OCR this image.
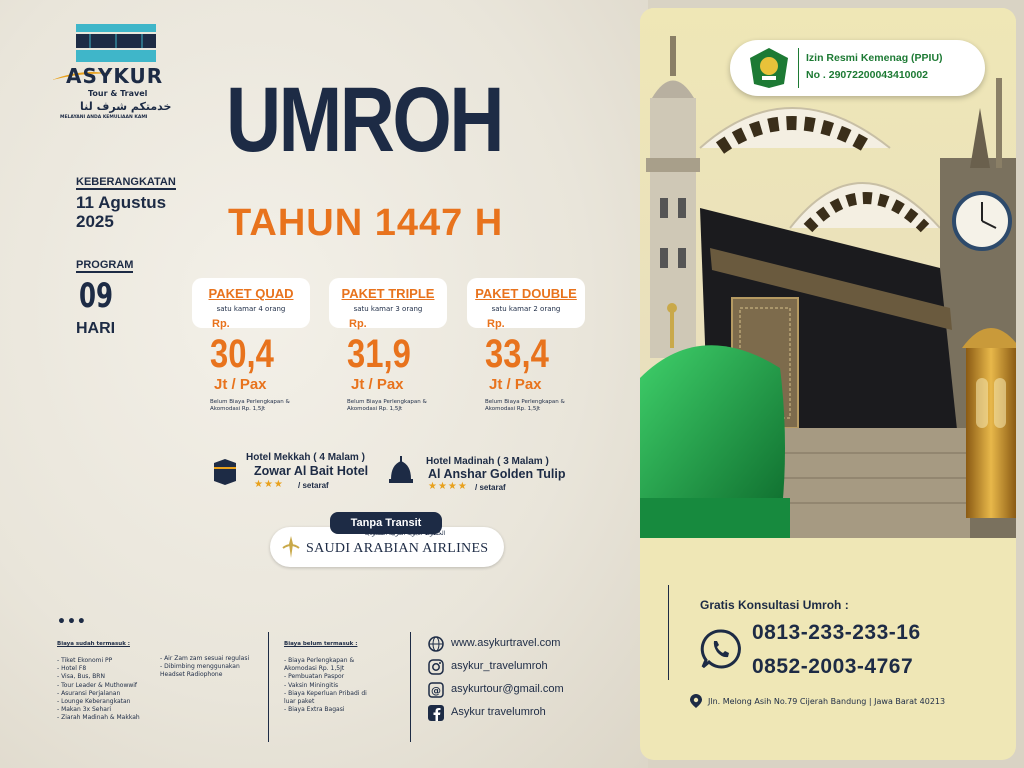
ASYKUR
Tour & Travel
خدمتكم شرف لنا
MELAYANI ANDA KEMULIAAN KAMI
KEBERANGKATAN
11 Agustus 2025
PROGRAM
09
HARI
UMROH
TAHUN 1447 H
PAKET QUAD
satu kamar 4 orang
Rp.
30,4
Jt / Pax
Belum Biaya Perlengkapan & Akomodasi Rp. 1,5Jt
PAKET TRIPLE
satu kamar 3 orang
Rp.
31,9
Jt / Pax
Belum Biaya Perlengkapan & Akomodasi Rp. 1,5Jt
PAKET DOUBLE
satu kamar 2 orang
Rp.
33,4
Jt / Pax
Belum Biaya Perlengkapan & Akomodasi Rp. 1,5Jt
Hotel Mekkah ( 4 Malam )
Zowar Al Bait Hotel
★★★ / setaraf
Hotel Madinah ( 3 Malam )
Al Anshar Golden Tulip
★★★★ / setaraf
Tanpa Transit
الخطوط الجوية العربية السعودية
SAUDI ARABIAN AIRLINES
•••
Biaya sudah termasuk :
- Tiket Ekonomi PP
- Hotel F8
- Visa, Bus, BRN
- Tour Leader & Muthowwif
- Asuransi Perjalanan
- Lounge Keberangkatan
- Makan 3x Sehari
- Ziarah Madinah & Makkah
- Air Zam zam sesuai regulasi
- Dibimbing menggunakan Headset Radiophone
Biaya belum termasuk :
- Biaya Perlengkapan & Akomodasi Rp. 1,5Jt
- Pembuatan Paspor
- Vaksin Miningitis
- Biaya Keperluan Pribadi di luar paket
- Biaya Extra Bagasi
www.asykurtravel.com
asykur_travelumroh
@ asykurtour@gmail.com
Asykur travelumroh
Izin Resmi Kemenag (PPIU)
No . 29072200043410002
Gratis Konsultasi Umroh :
0813-233-233-16
0852-2003-4767
Jln. Melong Asih No.79 Cijerah Bandung | Jawa Barat 40213
